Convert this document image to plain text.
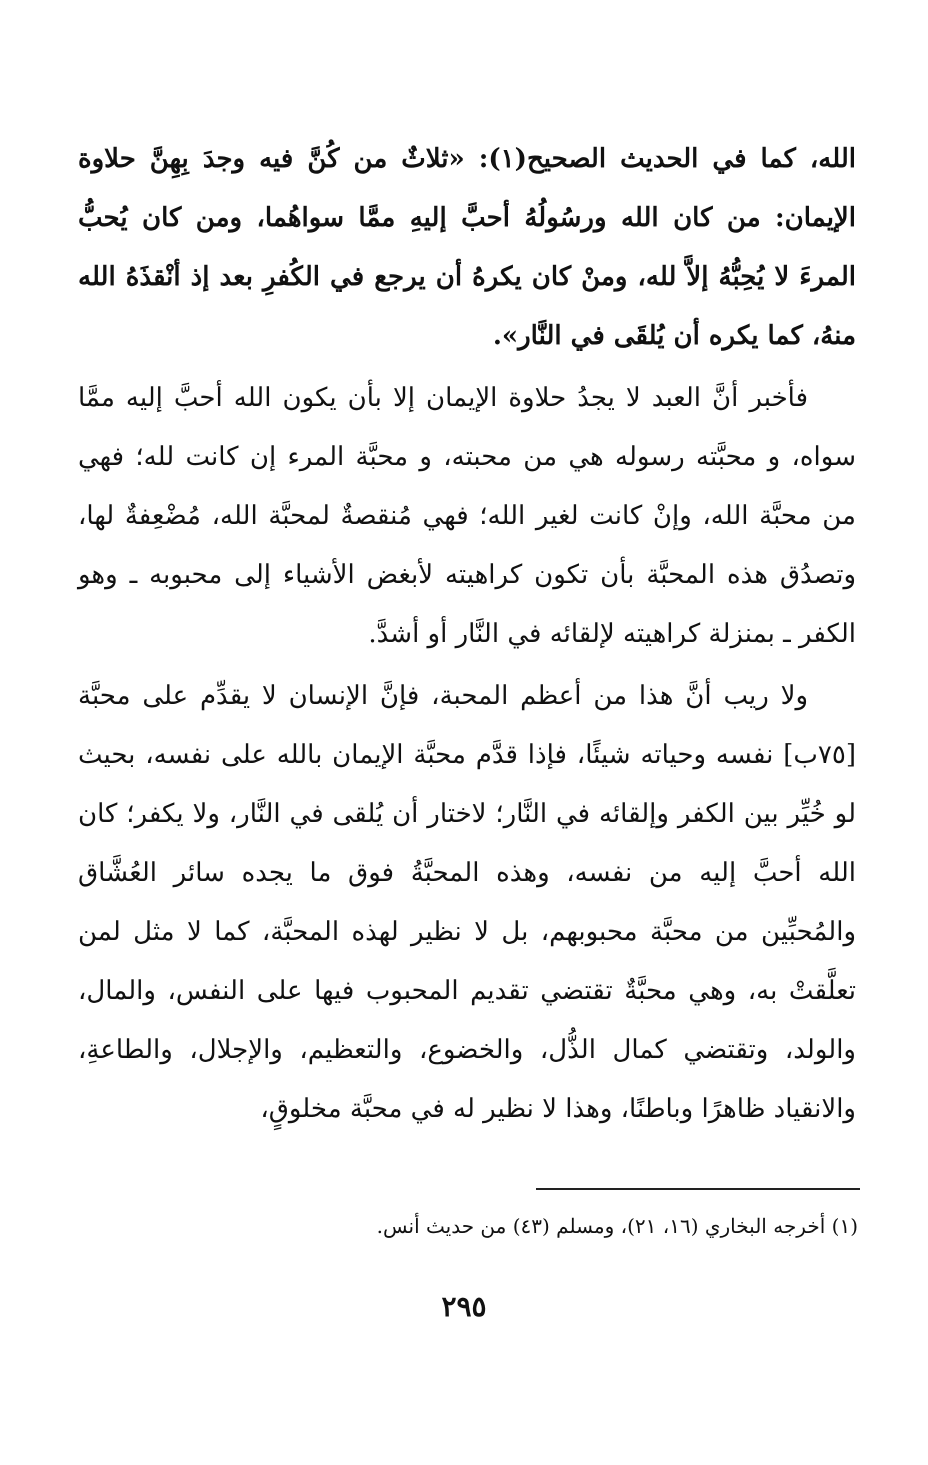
الله، كما في الحديث الصحيح(١): «ثلاثٌ من كُنَّ فيه وجدَ بِهِنَّ حلاوة الإيمان: من كان الله ورسُولُهُ أحبَّ إليهِ ممَّا سواهُما، ومن كان يُحبُّ المرءَ لا يُحِبُّهُ إلاَّ لله، ومنْ كان يكرهُ أن يرجع في الكُفرِ بعد إذ أنْقذَهُ الله منهُ، كما يكره أن يُلقَى في النَّار».

فأخبر أنَّ العبد لا يجدُ حلاوة الإيمان إلا بأن يكون الله أحبَّ إليه ممَّا سواه، و محبَّته رسوله هي من محبته، و محبَّة المرء إن كانت لله؛ فهي من محبَّة الله، وإنْ كانت لغير الله؛ فهي مُنقصةٌ لمحبَّة الله، مُضْعِفةٌ لها، وتصدُق هذه المحبَّة بأن تكون كراهيته لأبغض الأشياء إلى محبوبه ـ وهو الكفر ـ بمنزلة كراهيته لإلقائه في النَّار أو أشدَّ.

ولا ريب أنَّ هذا من أعظم المحبة، فإنَّ الإنسان لا يقدِّم على محبَّة [٧٥ب] نفسه وحياته شيئًا، فإذا قدَّم محبَّة الإيمان بالله على نفسه، بحيث لو خُيِّر بين الكفر وإلقائه في النَّار؛ لاختار أن يُلقى في النَّار، ولا يكفر؛ كان الله أحبَّ إليه من نفسه، وهذه المحبَّةُ فوق ما يجده سائر العُشَّاق والمُحبِّين من محبَّة محبوبهم، بل لا نظير لهذه المحبَّة، كما لا مثل لمن تعلَّقتْ به، وهي محبَّةٌ تقتضي تقديم المحبوب فيها على النفس، والمال، والولد، وتقتضي كمال الذُّل، والخضوع، والتعظيم، والإجلال، والطاعةِ، والانقياد ظاهرًا وباطنًا، وهذا لا نظير له في محبَّة مخلوقٍ،

(١) أخرجه البخاري (١٦، ٢١)، ومسلم (٤٣) من حديث أنس.
٢٩٥
